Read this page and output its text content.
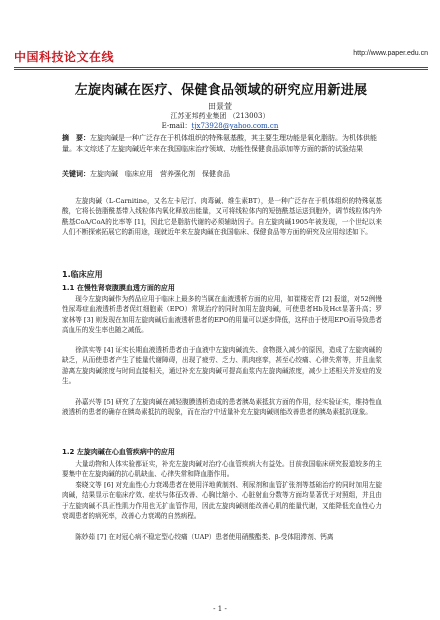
中国 科技论文在线	http://www.paper.edu.cn
左旋肉碱在医疗、保健食品领域的研究应用新进展
田景萱
江苏亚邦药业集团 （213003）
E-mail：tjx73928@yahoo.com.cn
摘　要：左旋肉碱是一种广泛存在于机体组织的特殊氨基酸，其主要生理功能是氧化脂肪。为机体供能量。本文综述了左旋肉碱近年来在我国临床治疗领域、功能性保健食品添加等方面的新的试验结果
关键词：左旋肉碱　临床应用　营养强化剂　保健食品
左旋肉碱（L-Carnitine，又名左卡尼汀、肉毒碱、维生素BT），是一种广泛存在于机体组织的特殊氨基酸，它将长链脂酰基带入线粒体内氧化释放出能量，又可将线粒体内的短链酰基运送到胞外，调节线粒体内外酰基CoA/CoA的比率等 [1]，因此它是脂肪代谢的必须辅助因子。自左旋肉碱1905年被发现，一个世纪以来人们不断探索拓展它的新用途，现就近年来左旋肉碱在我国临床、保健食品等方面的研究及应用综述如下。
1.临床应用
1.1 在慢性肾衰腹膜血透方面的应用
现今左旋肉碱作为药品应用于临床上最多的当属在血液透析方面的应用，如崔楼宏青 [2] 报道，对52例慢性尿毒症血液透析患者促红细胞素（EPO）常规治疗的同时加用左旋肉碱，可使患者Hb及Hct显著升高；罗家林等 [3] 则发现在加用左旋肉碱后血液透析患者的EPO的用量可以逐步降低，这样由于使用EPO而导致患者高血压的发生率也随之减低。
徐洪实等 [4] 证实长期血液透析患者由于血液中左旋肉碱流失、食物摄入减少的原因，造成了左旋肉碱的缺乏，从而使患者产生了能量代谢障碍，出现了疲劳、乏力、肌肉痉挛，甚至心绞痛、心律失常等，并且血浆游离左旋肉碱浓度与时间直接相关，通过补充左旋肉碱可提高血浆内左旋肉碱浓度，减少上述相关并发症的发生。
孙嘉兴等 [5] 研究了左旋肉碱在减轻腹膜透析造成的患者胰岛素抵抗方面的作用，经实验证实，维持性血液透析的患者的确存在胰岛素抵抗的现象，而在治疗中适量补充左旋肉碱则能改善患者的胰岛素抵抗现象。
1.2 左旋肉碱在心血管疾病中的应用
大量动物和人体实验都证实，补充左旋肉碱对治疗心血管疾病大有益处。目前我国临床研究报道较多的主要集中在左旋肉碱的抗心肌缺血、心律失常和降血脂作用。
秦晓文等 [6] 对充血性心力衰竭患者在使用洋地黄制剂、利尿剂和血管扩张剂等基础治疗的同时加用左旋肉碱，结果显示在临床疗效、症状与体征改善、心胸比缩小、心脏射血分数等方面均显著优于对照组，并且由于左旋肉碱不具正性肌力作用也无扩血管作用，因此左旋肉碱则能改善心肌的能量代谢，又能降低充血性心力衰竭患者的病死率，改善心力衰竭的自然病程。
陈妙茹 [7] 在对冠心病不稳定型心绞痛（UAP）患者使用硝酸酯类、β-受体阻滞剂、钙离
- 1 -
